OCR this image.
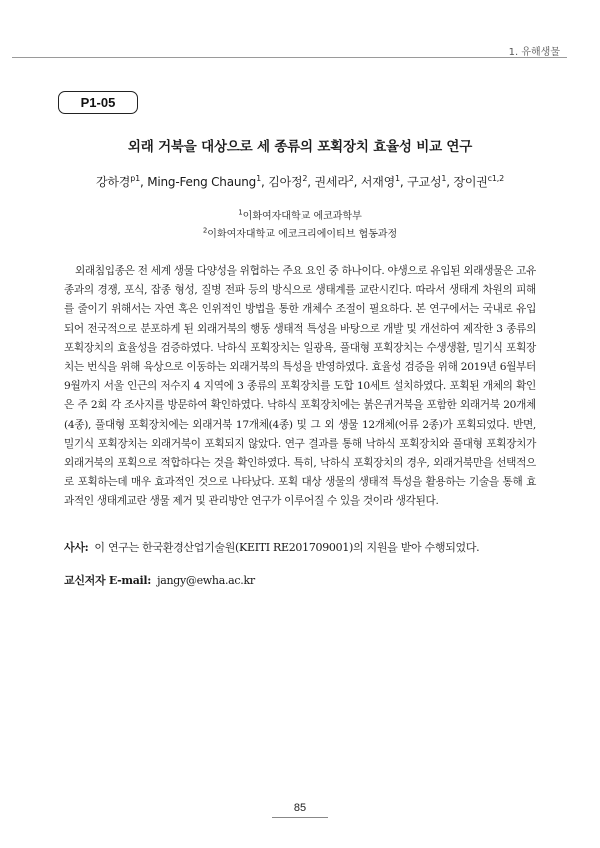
1. 유해생물
P1-05
외래 거북을 대상으로 세 종류의 포획장치 효율성 비교 연구
강하경$^{p1}$, Ming-Feng Chaung$^1$, 김아정$^2$, 권세라$^2$, 서재영$^1$, 구교성$^1$, 장이권$^{c1,2}$
$^1$이화여자대학교 에코과학부
$^2$이화여자대학교 에코크리에이티브 협동과정

외래침입종은 전 세계 생물 다양성을 위협하는 주요 요인 중 하나이다. 야생으로 유입된 외래생물은 고유종과의 경쟁, 포식, 잡종 형성, 질병 전파 등의 방식으로 생태계를 교란시킨다. 따라서 생태계 차원의 피해를 줄이기 위해서는 자연 혹은 인위적인 방법을 통한 개체수 조절이 필요하다. 본 연구에서는 국내로 유입되어 전국적으로 분포하게 된 외래거북의 행동 생태적 특성을 바탕으로 개발 및 개선하여 제작한 3 종류의 포획장치의 효율성을 검증하였다. 낙하식 포획장치는 일광욕, 풀대형 포획장치는 수생생활, 밀기식 포획장치는 번식을 위해 육상으로 이동하는 외래거북의 특성을 반영하였다. 효율성 검증을 위해 2019년 6월부터 9월까지 서울 인근의 저수지 4 지역에 3 종류의 포획장치를 도합 10세트 설치하였다. 포획된 개체의 확인은 주 2회 각 조사지를 방문하여 확인하였다. 낙하식 포획장치에는 붉은귀거북을 포함한 외래거북 20개체(4종), 풀대형 포획장치에는 외래거북 17개체(4종) 및 그 외 생물 12개체(어류 2종)가 포획되었다. 반면, 밀기식 포획장치는 외래거북이 포획되지 않았다. 연구 결과를 통해 낙하식 포획장치와 풀대형 포획장치가 외래거북의 포획으로 적합하다는 것을 확인하였다. 특히, 낙하식 포획장치의 경우, 외래거북만을 선택적으로 포획하는데 매우 효과적인 것으로 나타났다. 포획 대상 생물의 생태적 특성을 활용하는 기술을 통해 효과적인 생태계교란 생물 제거 및 관리방안 연구가 이루어질 수 있을 것이라 생각된다.

사사: 이 연구는 한국환경산업기술원(KEITI RE201709001)의 지원을 받아 수행되었다.
교신저자 E-mail: jangy@ewha.ac.kr
85
